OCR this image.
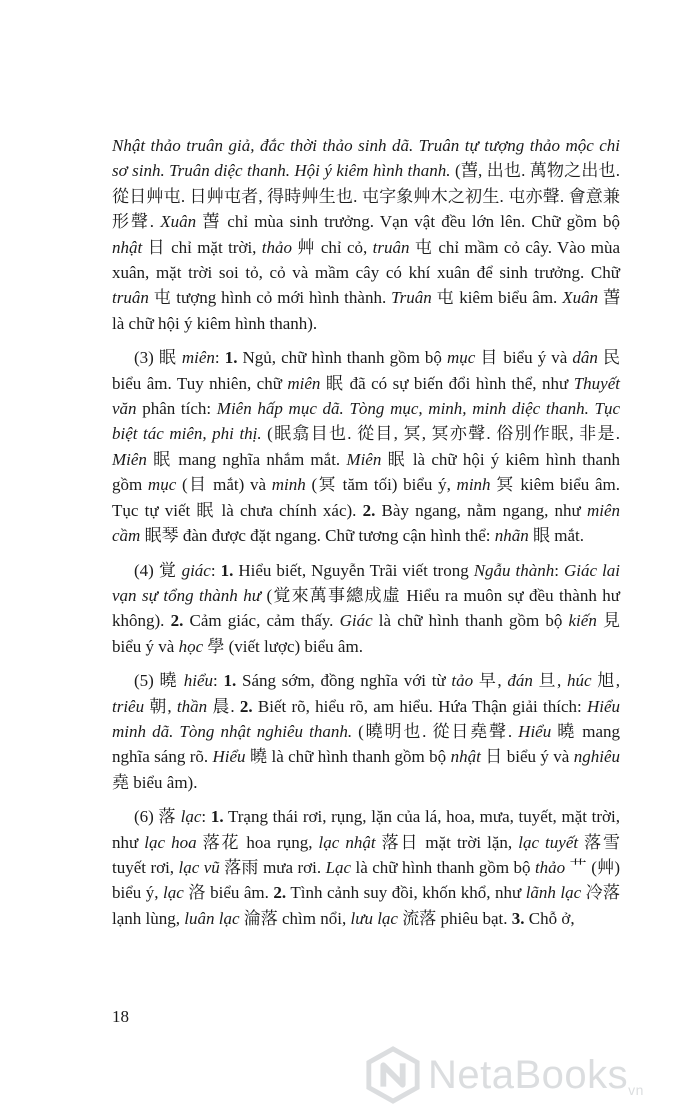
Nhật thảo truân giả, đắc thời thảo sinh dã. Truân tự tượng thảo mộc chi sơ sinh. Truân diệc thanh. Hội ý kiêm hình thanh. (萅, 出也. 萬物之出也. 從日艸屯. 日艸屯者, 得時艸生也. 屯字象艸木之初生. 屯亦聲. 會意兼形聲. Xuân 萅 chỉ mùa sinh trưởng. Vạn vật đều lớn lên. Chữ gồm bộ nhật 日 chỉ mặt trời, thảo 艸 chỉ cỏ, truân 屯 chỉ mầm cỏ cây. Vào mùa xuân, mặt trời soi tỏ, cỏ và mầm cây có khí xuân để sinh trưởng. Chữ truân 屯 tượng hình cỏ mới hình thành. Truân 屯 kiêm biểu âm. Xuân 萅 là chữ hội ý kiêm hình thanh).

(3) 眠 miên: 1. Ngủ, chữ hình thanh gồm bộ mục 目 biểu ý và dân 民 biểu âm. Tuy nhiên, chữ miên 眠 đã có sự biến đổi hình thể, như Thuyết văn phân tích: Miên hấp mục dã. Tòng mục, minh, minh diệc thanh. Tục biệt tác miên, phi thị. (眠翕目也. 從目, 冥, 冥亦聲. 俗別作眠, 非是. Miên 眠 mang nghĩa nhắm mắt. Miên 眠 là chữ hội ý kiêm hình thanh gồm mục (目 mắt) và minh (冥 tăm tối) biểu ý, minh 冥 kiêm biểu âm. Tục tự viết 眠 là chưa chính xác). 2. Bày ngang, nằm ngang, như miên cầm 眠琴 đàn được đặt ngang. Chữ tương cận hình thể: nhãn 眼 mắt.

(4) 覚 giác: 1. Hiểu biết, Nguyễn Trãi viết trong Ngẫu thành: Giác lai vạn sự tổng thành hư (覚來萬事總成虛 Hiểu ra muôn sự đều thành hư không). 2. Cảm giác, cảm thấy. Giác là chữ hình thanh gồm bộ kiến 見 biểu ý và học 學 (viết lược) biểu âm.

(5) 曉 hiểu: 1. Sáng sớm, đồng nghĩa với từ tảo 早, đán 旦, húc 旭, triêu 朝, thần 晨. 2. Biết rõ, hiểu rõ, am hiểu. Hứa Thận giải thích: Hiểu minh dã. Tòng nhật nghiêu thanh. (曉明也. 從日堯聲. Hiểu 曉 mang nghĩa sáng rõ. Hiểu 曉 là chữ hình thanh gồm bộ nhật 日 biểu ý và nghiêu 堯 biểu âm).

(6) 落 lạc: 1. Trạng thái rơi, rụng, lặn của lá, hoa, mưa, tuyết, mặt trời, như lạc hoa 落花 hoa rụng, lạc nhật 落日 mặt trời lặn, lạc tuyết 落雪 tuyết rơi, lạc vũ 落雨 mưa rơi. Lạc là chữ hình thanh gồm bộ thảo 艹 (艸) biểu ý, lạc 洛 biểu âm. 2. Tình cảnh suy đồi, khốn khổ, như lãnh lạc 冷落 lạnh lùng, luân lạc 淪落 chìm nổi, lưu lạc 流落 phiêu bạt. 3. Chỗ ở,

18
NetaBooksvn
